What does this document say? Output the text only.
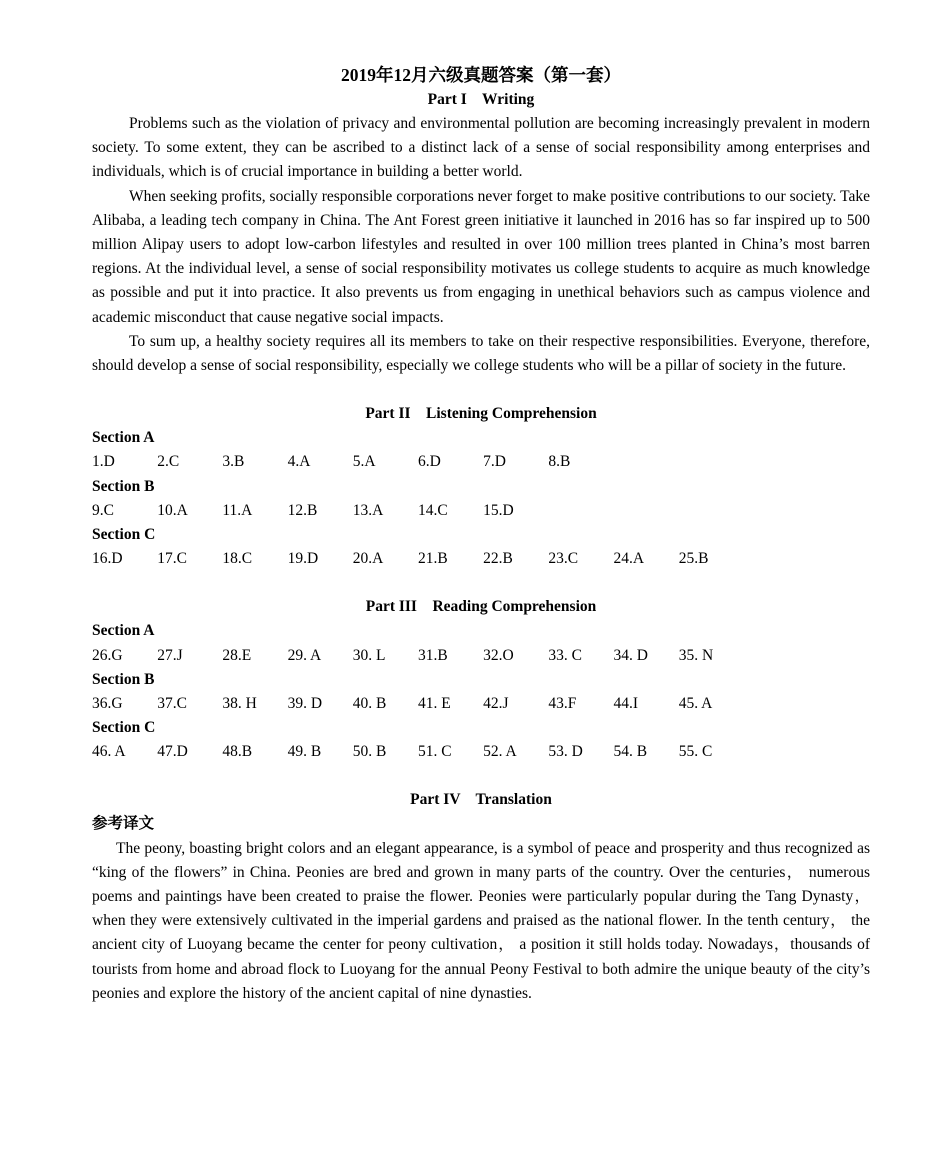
2019年12月六级真题答案（第一套）
Part I    Writing

Problems such as the violation of privacy and environmental pollution are becoming increasingly prevalent in modern society. To some extent, they can be ascribed to a distinct lack of a sense of social responsibility among enterprises and individuals, which is of crucial importance in building a better world.

When seeking profits, socially responsible corporations never forget to make positive contributions to our society. Take Alibaba, a leading tech company in China. The Ant Forest green initiative it launched in 2016 has so far inspired up to 500 million Alipay users to adopt low-carbon lifestyles and resulted in over 100 million trees planted in China’s most barren regions. At the individual level, a sense of social responsibility motivates us college students to acquire as much knowledge as possible and put it into practice. It also prevents us from engaging in unethical behaviors such as campus violence and academic misconduct that cause negative social impacts.

To sum up, a healthy society requires all its members to take on their respective responsibilities. Everyone, therefore, should develop a sense of social responsibility, especially we college students who will be a pillar of society in the future.

Part II    Listening Comprehension
Section A
1.D	2.C	3.B	4.A	5.A	6.D	7.D	8.B
Section B
9.C	10.A	11.A	12.B	13.A	14.C	15.D
Section C
16.D	17.C	18.C	19.D	20.A	21.B	22.B	23.C	24.A	25.B
Part III    Reading Comprehension
Section A
26.G	27.J	28.E	29. A	30. L	31.B	32.O	33. C	34. D	35. N
Section B
36.G	37.C	38. H	39. D	40. B	41. E	42.J	43.F	44.I	45. A
Section C
46. A	47.D	48.B	49. B	50. B	51. C	52. A	53. D	54. B	55. C
Part IV    Translation
参考译文

The peony, boasting bright colors and an elegant appearance, is a symbol of peace and prosperity and thus recognized as “king of the flowers” in China. Peonies are bred and grown in many parts of the country. Over the centuries， numerous poems and paintings have been created to praise the flower. Peonies were particularly popular during the Tang Dynasty， when they were extensively cultivated in the imperial gardens and praised as the national flower. In the tenth century， the ancient city of Luoyang became the center for peony cultivation， a position it still holds today. Nowadays，thousands of tourists from home and abroad flock to Luoyang for the annual Peony Festival to both admire the unique beauty of the city’s peonies and explore the history of the ancient capital of nine dynasties.
